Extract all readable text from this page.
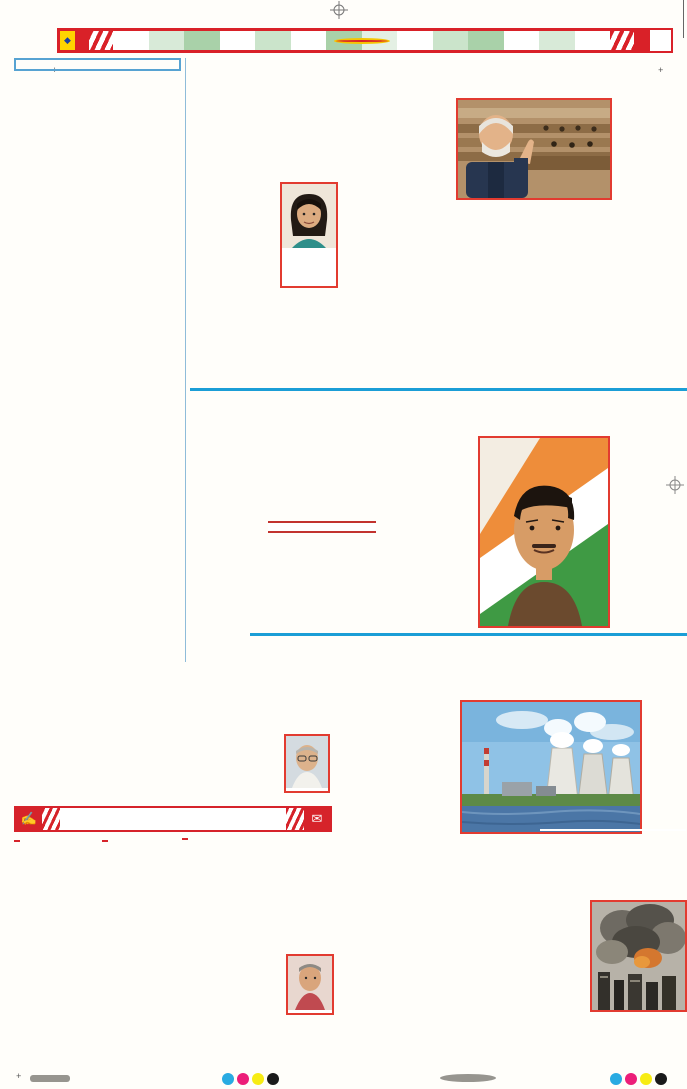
+	+
◆

✍	✉

+
